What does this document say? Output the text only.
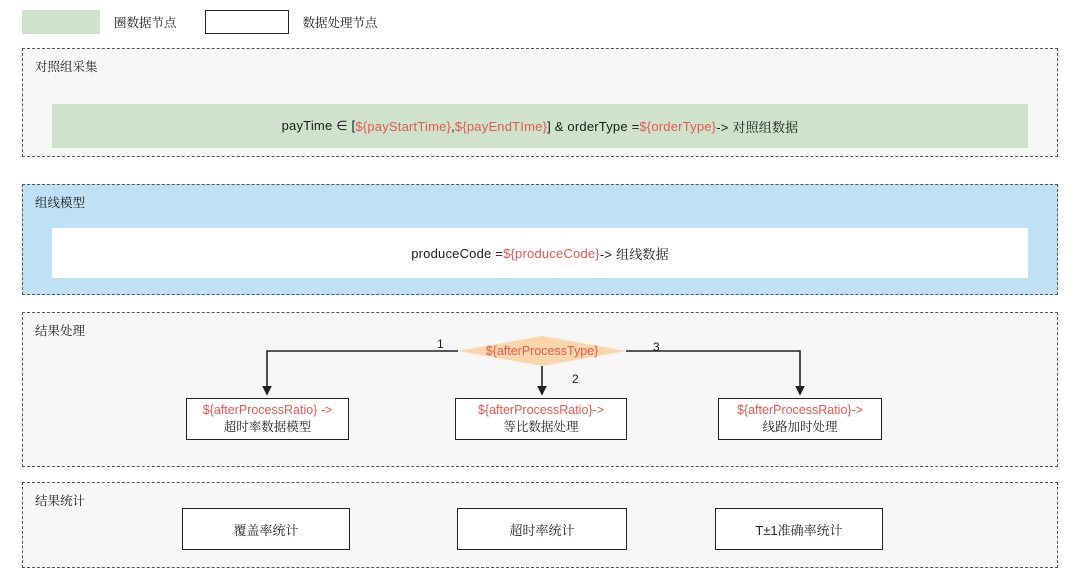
圈数据节点	数据处理节点
对照组采集
payTime ∈ [ ${payStartTime} , ${payEndTIme} ] & orderType = ${orderType} -> 对照组数据
组线模型
produceCode = ${produceCode} -> 组线数据
结果处理
${afterProcessType}
1
2
3
${afterProcessRatio} ->
超时率数据模型
${afterProcessRatio}->
等比数据处理
${afterProcessRatio}->
线路加时处理
结果统计
覆盖率统计	超时率统计	T±1准确率统计
